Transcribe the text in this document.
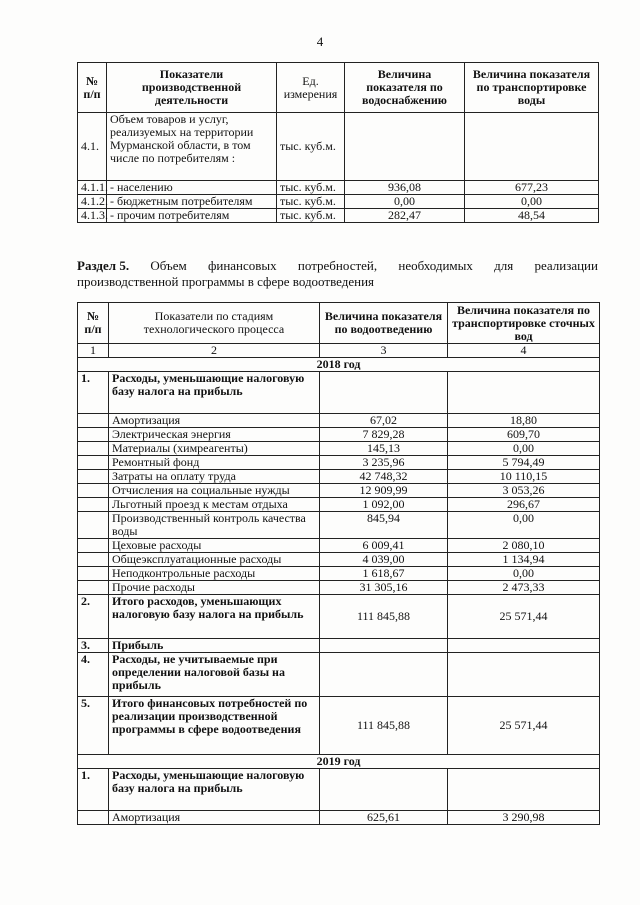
4
№ п/п	Показатели производственной деятельности	Ед. измерения	Величина показателя по водоснабжению	Величина показателя по транспортировке воды
4.1.	Объем товаров и услуг, реализуемых на территории Мурманской области, в том числе по потребителям :	тыс. куб.м.		
4.1.1.	- населению	тыс. куб.м.	936,08	677,23
4.1.2.	- бюджетным потребителям	тыс. куб.м.	0,00	0,00
4.1.3.	- прочим потребителям	тыс. куб.м.	282,47	48,54
Раздел 5. Объем финансовых потребностей, необходимых для реализации
производственной программы в сфере водоотведения
№ п/п	Показатели по стадиям технологического процесса	Величина показателя по водоотведению	Величина показателя по транспортировке сточных вод
1	2	3	4
2018 год			
1.	Расходы, уменьшающие налоговую базу налога на прибыль		
	Амортизация	67,02	18,80
	Электрическая энергия	7 829,28	609,70
	Материалы (химреагенты)	145,13	0,00
	Ремонтный фонд	3 235,96	5 794,49
	Затраты на оплату труда	42 748,32	10 110,15
	Отчисления на социальные нужды	12 909,99	3 053,26
	Льготный проезд к местам отдыха	1 092,00	296,67
	Производственный контроль качества воды	845,94	0,00
	Цеховые расходы	6 009,41	2 080,10
	Общеэксплуатационные расходы	4 039,00	1 134,94
	Неподконтрольные расходы	1 618,67	0,00
	Прочие расходы	31 305,16	2 473,33
2.	Итого расходов, уменьшающих налоговую базу налога на прибыль	111 845,88	25 571,44
3.	Прибыль		
4.	Расходы, не учитываемые при определении налоговой базы на прибыль		
5.	Итого финансовых потребностей по реализации производственной программы в сфере водоотведения	111 845,88	25 571,44
2019 год			
1.	Расходы, уменьшающие налоговую базу налога на прибыль		
	Амортизация	625,61	3 290,98
